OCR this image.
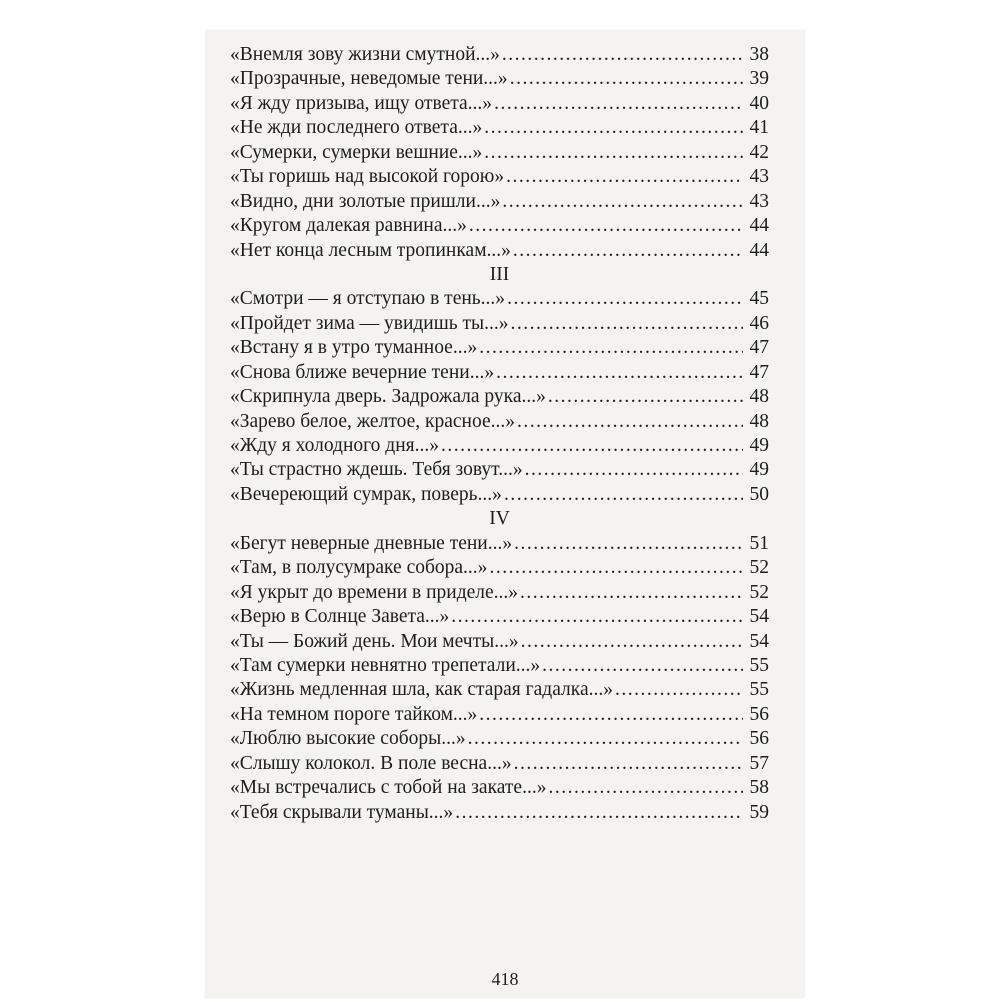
«Внемля зову жизни смутной...» .....	38
«Прозрачные, неведомые тени...» .....	39
«Я жду призыва, ищу ответа...» .....	40
«Не жди последнего ответа...» .....	41
«Сумерки, сумерки вешние...» .....	42
«Ты горишь над высокой горою» .....	43
«Видно, дни золотые пришли...» .....	43
«Кругом далекая равнина...» .....	44
«Нет конца лесным тропинкам...» .....	44
III
«Смотри — я отступаю в тень...» .....	45
«Пройдет зима — увидишь ты...» .....	46
«Встану я в утро туманное...» .....	47
«Снова ближе вечерние тени...» .....	47
«Скрипнула дверь. Задрожала рука...» .....	48
«Зарево белое, желтое, красное...» .....	48
«Жду я холодного дня...» .....	49
«Ты страстно ждешь. Тебя зовут...» .....	49
«Вечереющий сумрак, поверь...» .....	50
IV
«Бегут неверные дневные тени...» .....	51
«Там, в полусумраке собора...» .....	52
«Я укрыт до времени в приделе...» .....	52
«Верю в Солнце Завета...» .....	54
«Ты — Божий день. Мои мечты...» .....	54
«Там сумерки невнятно трепетали...» .....	55
«Жизнь медленная шла, как старая гадалка...» .....	55
«На темном пороге тайком...» .....	56
«Люблю высокие соборы...» .....	56
«Слышу колокол. В поле весна...» .....	57
«Мы встречались с тобой на закате...» .....	58
«Тебя скрывали туманы...» .....	59
418
